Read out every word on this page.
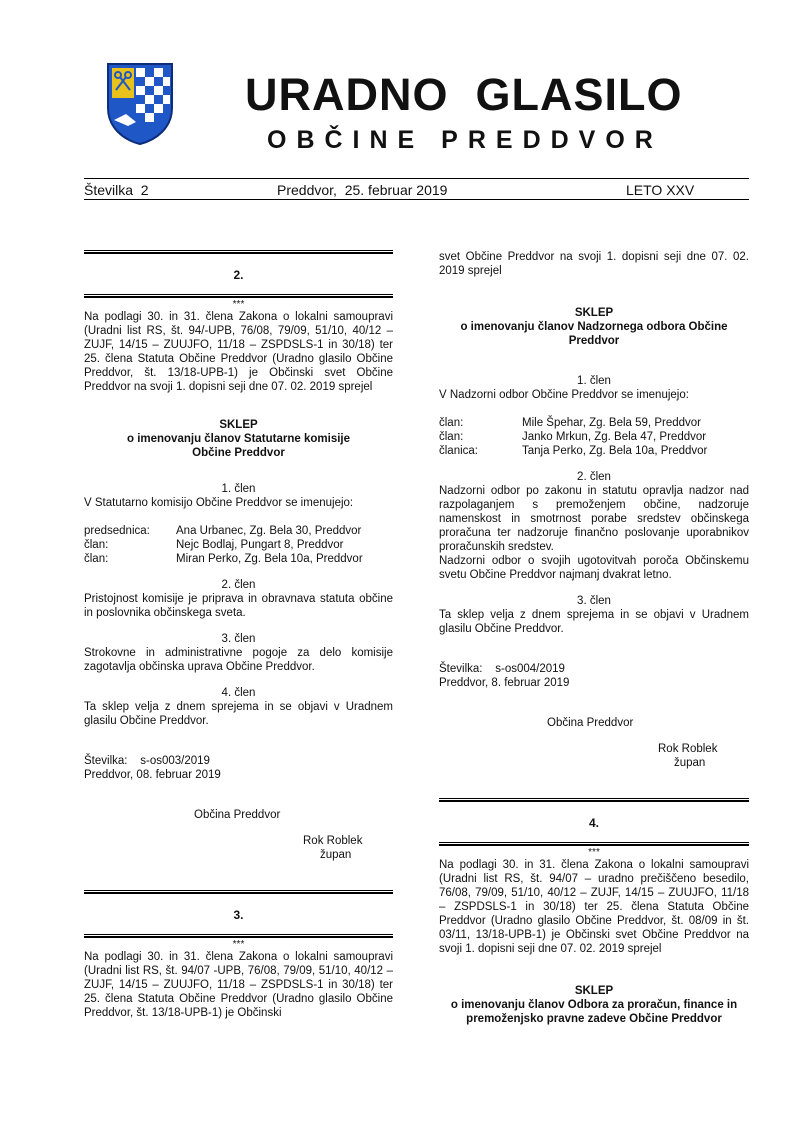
URADNO  GLASILO
OBČINE PREDDVOR
Številka  2	Preddvor,  25. februar 2019	LETO XXV
2.
***

Na podlagi 30. in 31. člena Zakona o lokalni samoupravi (Uradni list RS, št. 94/-UPB, 76/08, 79/09, 51/10, 40/12 – ZUJF, 14/15 – ZUUJFO, 11/18 – ZSPDSLS-1 in 30/18) ter 25. člena Statuta Občine Preddvor (Uradno glasilo Občine Preddvor, št. 13/18-UPB-1) je Občinski svet Občine Preddvor na svoji 1. dopisni seji dne 07. 02. 2019 sprejel

SKLEP
o imenovanju članov Statutarne komisije Občine Preddvor
1. člen

V Statutarno komisijo Občine Preddvor se imenujejo:

predsednica:	Ana Urbanec, Zg. Bela 30, Preddvor
član:	Nejc Bodlaj, Pungart 8, Preddvor
član:	Miran Perko, Zg. Bela 10a, Preddvor
2. člen

Pristojnost komisije je priprava in obravnava statuta občine in poslovnika občinskega sveta.

3. člen

Strokovne in administrativne pogoje za delo komisije zagotavlja občinska uprava Občine Preddvor.

4. člen

Ta sklep velja z dnem sprejema in se objavi v Uradnem glasilu Občine Preddvor.

Številka:    s-os003/2019

Preddvor, 08. februar 2019

Občina Preddvor
Rok Roblek
župan
3.
***

Na podlagi 30. in 31. člena Zakona o lokalni samoupravi (Uradni list RS, št. 94/07 -UPB, 76/08, 79/09, 51/10, 40/12 – ZUJF, 14/15 – ZUUJFO, 11/18 – ZSPDSLS-1 in 30/18) ter 25. člena Statuta Občine Preddvor (Uradno glasilo Občine Preddvor, št. 13/18-UPB-1) je Občinski

svet Občine Preddvor na svoji 1. dopisni seji dne 07. 02. 2019 sprejel

SKLEP
o imenovanju članov Nadzornega odbora Občine Preddvor
1. člen

V Nadzorni odbor Občine Preddvor se imenujejo:

član:	Mile Špehar, Zg. Bela 59, Preddvor
član:	Janko Mrkun, Zg. Bela 47, Preddvor
članica:	Tanja Perko, Zg. Bela 10a, Preddvor
2. člen

Nadzorni odbor po zakonu in statutu opravlja nadzor nad razpolaganjem s premoženjem občine, nadzoruje namenskost in smotrnost porabe sredstev občinskega proračuna ter nadzoruje finančno poslovanje uporabnikov proračunskih sredstev.

Nadzorni odbor o svojih ugotovitvah poroča Občinskemu svetu Občine Preddvor najmanj dvakrat letno.

3. člen

Ta sklep velja z dnem sprejema in se objavi v Uradnem glasilu Občine Preddvor.

Številka:    s-os004/2019

Preddvor, 8. februar 2019

Občina Preddvor
Rok Roblek
župan
4.
***

Na podlagi 30. in 31. člena Zakona o lokalni samoupravi (Uradni list RS, št. 94/07 – uradno prečiščeno besedilo, 76/08, 79/09, 51/10, 40/12 – ZUJF, 14/15 – ZUUJFO, 11/18 – ZSPDSLS-1 in 30/18) ter 25. člena Statuta Občine Preddvor (Uradno glasilo Občine Preddvor, št. 08/09 in št. 03/11, 13/18-UPB-1) je Občinski svet Občine Preddvor na svoji 1. dopisni seji dne 07. 02. 2019 sprejel

SKLEP
o imenovanju članov Odbora za proračun, finance in premoženjsko pravne zadeve Občine Preddvor
